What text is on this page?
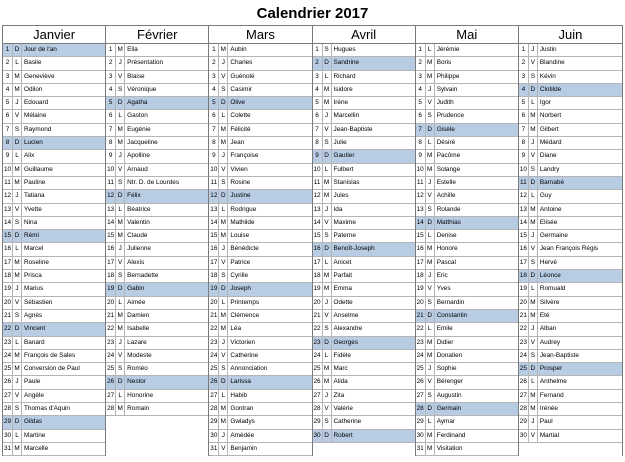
Calendrier 2017
Janvier
1 D Jour de l'an
2 L Basile
3 M Geneviève
4 M Odilon
5 J Edouard
6 V Mélaine
7 S Raymond
8 D Lucien
9 L Alix
10 M Guillaume
11 M Pauline
12 J Tatiana
13 V Yvette
14 S Nina
15 D Rémi
16 L Marcel
17 M Roseline
18 M Prisca
19 J Marius
20 V Sébastien
21 S Agnès
22 D Vincent
23 L Banard
24 M François de Sales
25 M Conversion de Paul
26 J Paule
27 V Angèle
28 S Thomas d'Aquin
29 D Gildas
30 L Martine
31 M Marcelle
Février
1 M Ella
2 J Présentation
3 V Blaise
4 S Véronique
5 D Agatha
6 L Gaston
7 M Eugénie
8 M Jacqueline
9 J Apolline
10 V Arnaud
11 S Ntr. D. de Lourdes
12 D Félix
13 L Béatrice
14 M Valentin
15 M Claude
16 J Julienne
17 V Alexis
18 S Bernadette
19 D Gabin
20 L Aimée
21 M Damien
22 M Isabelle
23 J Lazare
24 V Modeste
25 S Roméo
26 D Nestor
27 L Honorine
28 M Romain
Mars
1 M Aubin
2 J Charles
3 V Guénolé
4 S Casimir
5 D Olive
6 L Colette
7 M Félicité
8 M Jean
9 J Françoise
10 V Vivien
11 S Rosine
12 D Justine
13 L Rodrigue
14 M Mathilde
15 M Louise
16 J Bénédicte
17 V Patrice
18 S Cyrille
19 D Joseph
20 L Printemps
21 M Clémence
22 M Léa
23 J Victorien
24 V Catherine
25 S Annonciation
26 D Larissa
27 L Habib
28 M Gontran
29 M Gwladys
30 J Amédée
31 V Benjamin
Avril
1 S Hugues
2 D Sandrine
3 L Richard
4 M Isidore
5 M Irène
6 J Marcellin
7 V Jean-Baptiste
8 S Julie
9 D Gautier
10 L Fulbert
11 M Stanislas
12 M Jules
13 J Ida
14 V Maxime
15 S Paterne
16 D Benoît-Joseph
17 L Anicet
18 M Parfait
19 M Emma
20 J Odette
21 V Anselme
22 S Alexandre
23 D Georges
24 L Fidèle
25 M Marc
26 M Alida
27 J Zita
28 V Valérie
29 S Catherine
30 D Robert
Mai
1 L Jérémie
2 M Boris
3 M Philippe
4 J Sylvain
5 V Judith
6 S Prudence
7 D Gisèle
8 L Désiré
9 M Pacôme
10 M Solange
11 J Estelle
12 V Achille
13 S Rolande
14 D Matthias
15 L Denise
16 M Honore
17 M Pascal
18 J Eric
19 V Yves
20 S Bernardin
21 D Constantin
22 L Emile
23 M Didier
24 M Donatien
25 J Sophie
26 V Bérenger
27 S Augustin
28 D Germain
29 L Aymar
30 M Ferdinand
31 M Visitation
Juin
1 J Justin
2 V Blandine
3 S Kévin
4 D Clotilde
5 L Igor
6 M Norbert
7 M Gilbert
8 J Médard
9 V Diane
10 S Landry
11 D Barnabé
12 L Guy
13 M Antoine
14 M Elisée
15 J Germaine
16 V Jean François Régis
17 S Hervé
18 D Léonce
19 L Romuald
20 M Silvère
21 M Eté
22 J Alban
23 V Audrey
24 S Jean-Baptiste
25 D Prosper
26 L Anthelme
27 M Fernand
28 M Irénée
29 J Paul
30 V Martial
